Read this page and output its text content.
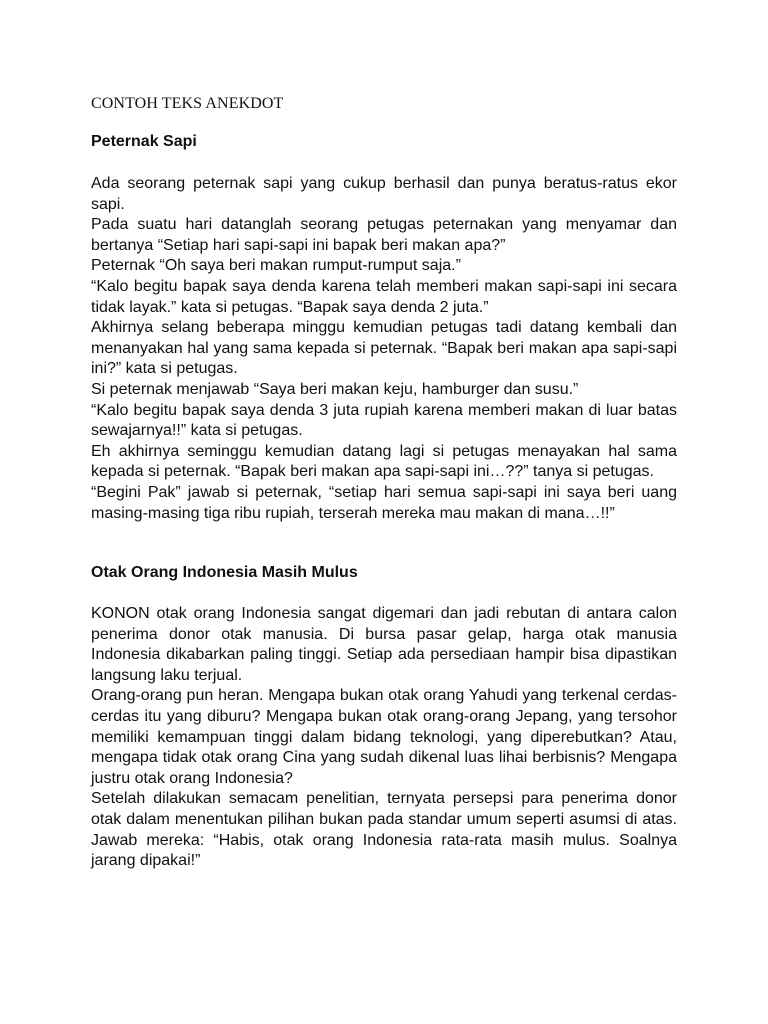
CONTOH TEKS ANEKDOT
Peternak Sapi

Ada seorang peternak sapi yang cukup berhasil dan punya beratus-ratus ekor sapi.

Pada suatu hari datanglah seorang petugas peternakan yang menyamar dan bertanya “Setiap hari sapi-sapi ini bapak beri makan apa?”

Peternak “Oh saya beri makan rumput-rumput saja.”

“Kalo begitu bapak saya denda karena telah memberi makan sapi-sapi ini secara tidak layak.” kata si petugas. “Bapak saya denda 2 juta.”

Akhirnya selang beberapa minggu kemudian petugas tadi datang kembali dan menanyakan hal yang sama kepada si peternak. “Bapak beri makan apa sapi-sapi ini?” kata si petugas.

Si peternak menjawab “Saya beri makan keju, hamburger dan susu.”

“Kalo begitu bapak saya denda 3 juta rupiah karena memberi makan di luar batas sewajarnya!!” kata si petugas.

Eh akhirnya seminggu kemudian datang lagi si petugas menayakan hal sama kepada si peternak. “Bapak beri makan apa sapi-sapi ini…??” tanya si petugas.

“Begini Pak” jawab si peternak, “setiap hari semua sapi-sapi ini saya beri uang masing-masing tiga ribu rupiah, terserah mereka mau makan di mana…!!”

Otak Orang Indonesia Masih Mulus

KONON otak orang Indonesia sangat digemari dan jadi rebutan di antara calon penerima donor otak manusia. Di bursa pasar gelap, harga otak manusia Indonesia dikabarkan paling tinggi. Setiap ada persediaan hampir bisa dipastikan langsung laku terjual.

Orang-orang pun heran. Mengapa bukan otak orang Yahudi yang terkenal cerdas-cerdas itu yang diburu? Mengapa bukan otak orang-orang Jepang, yang tersohor memiliki kemampuan tinggi dalam bidang teknologi, yang diperebutkan? Atau, mengapa tidak otak orang Cina yang sudah dikenal luas lihai berbisnis? Mengapa justru otak orang Indonesia?

Setelah dilakukan semacam penelitian, ternyata persepsi para penerima donor otak dalam menentukan pilihan bukan pada standar umum seperti asumsi di atas. Jawab mereka: “Habis, otak orang Indonesia rata-rata masih mulus. Soalnya jarang dipakai!”
